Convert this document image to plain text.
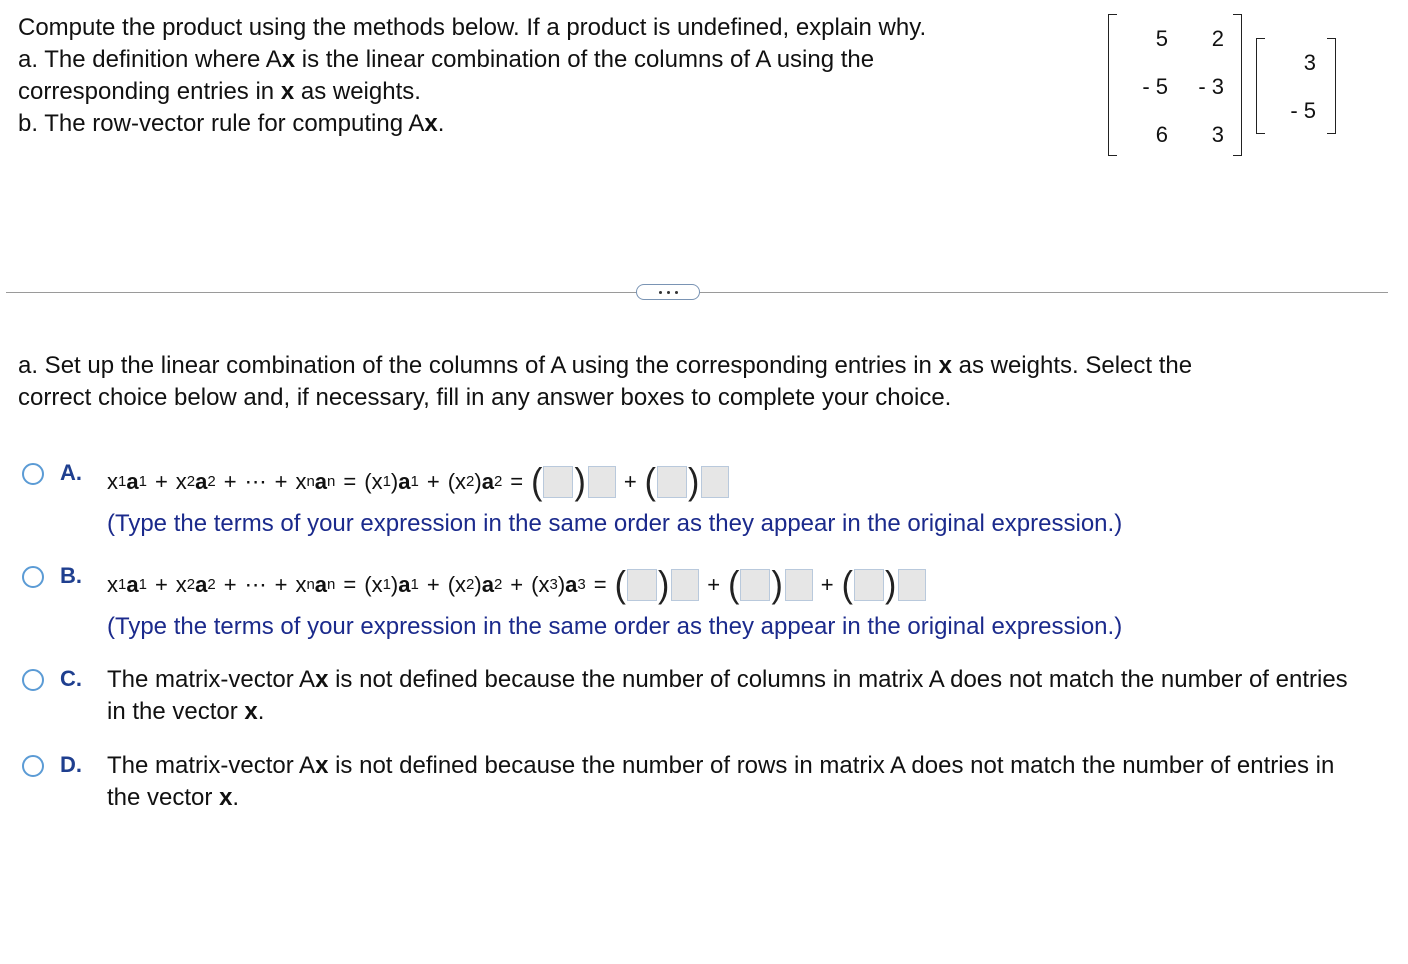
Compute the product using the methods below. If a product is undefined, explain why.
a. The definition where Ax is the linear combination of the columns of A using the
corresponding entries in x as weights.
b. The row-vector rule for computing Ax.
5	2
- 5	- 3
6	3
3
- 5
a. Set up the linear combination of the columns of A using the corresponding entries in x as weights. Select the
correct choice below and, if necessary, fill in any answer boxes to complete your choice.
A. x 1 a 1 + x 2 a 2 + ⋯ + x n a n = ( x 1 ) a 1 + ( x 2 ) a 2 = ( ) + ( )
(Type the terms of your expression in the same order as they appear in the original expression.)
B. x 1 a 1 + x 2 a 2 + ⋯ + x n a n = ( x 1 ) a 1 + ( x 2 ) a 2 + ( x 3 ) a 3 = ( ) + ( ) + ( )
(Type the terms of your expression in the same order as they appear in the original expression.)
C. The matrix-vector Ax is not defined because the number of columns in matrix A does not match the number of entries in the vector x.
D. The matrix-vector Ax is not defined because the number of rows in matrix A does not match the number of entries in the vector x.
